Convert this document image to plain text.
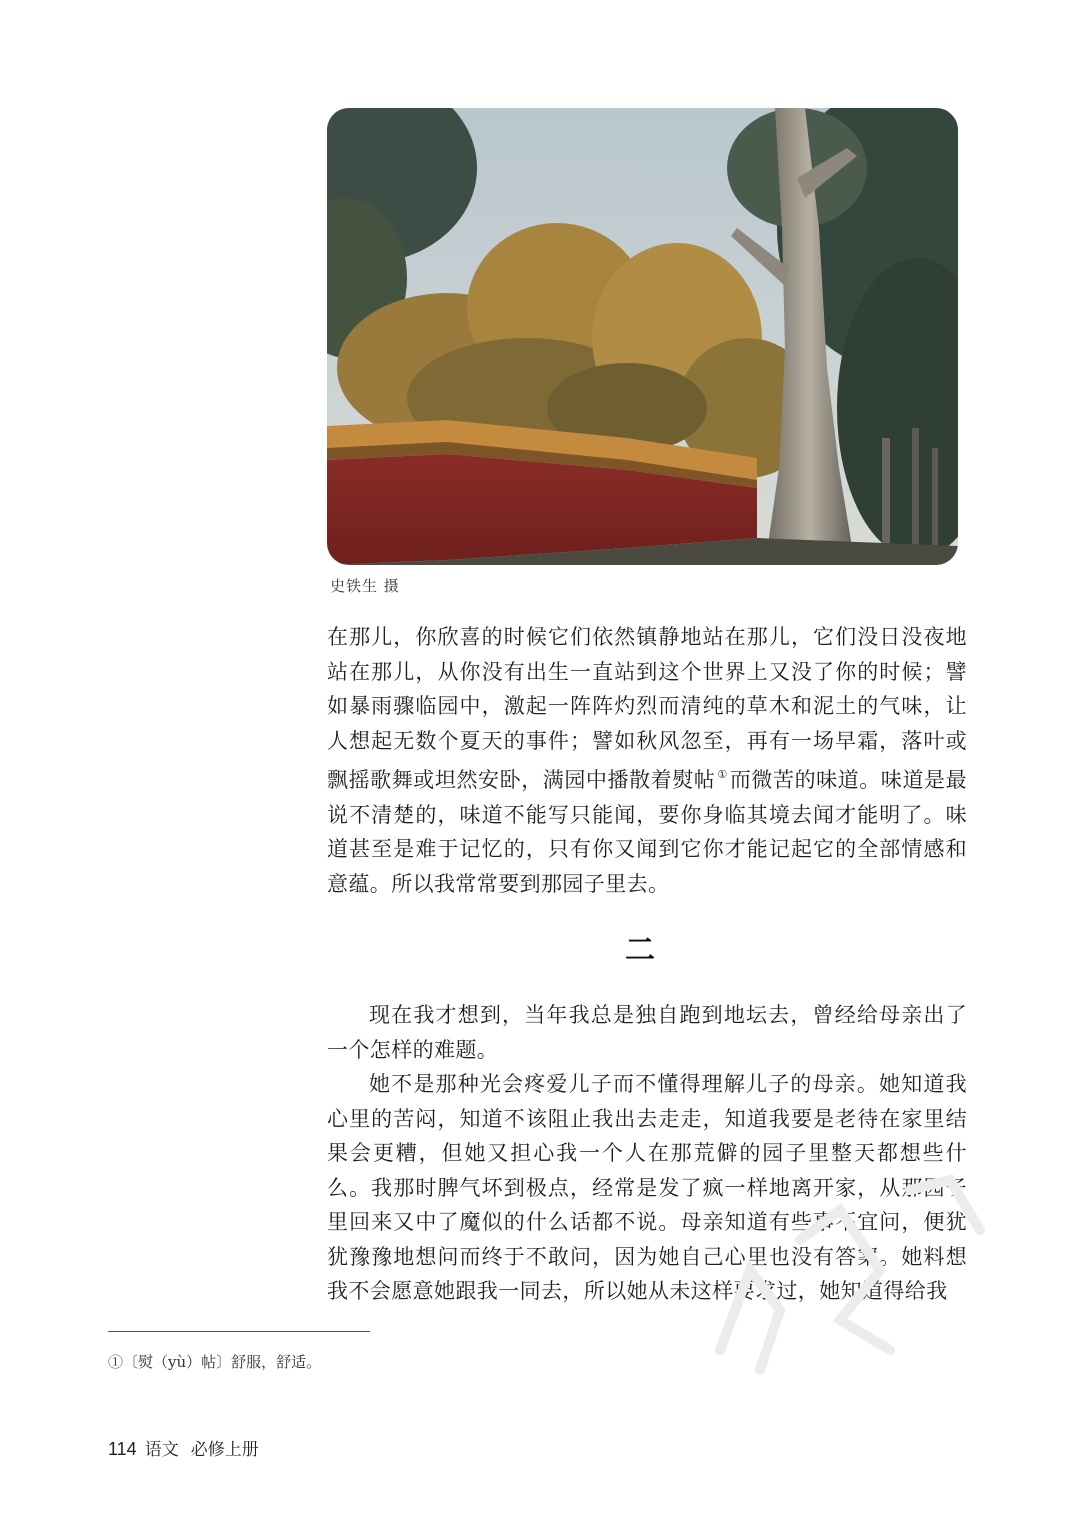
史铁生 摄

在那儿，你欣喜的时候它们依然镇静地站在那儿，它们没日没夜地站在那儿，从你没有出生一直站到这个世界上又没了你的时候；譬如暴雨骤临园中，激起一阵阵灼烈而清纯的草木和泥土的气味，让人想起无数个夏天的事件；譬如秋风忽至，再有一场早霜，落叶或飘摇歌舞或坦然安卧，满园中播散着熨帖 ①而微苦的味道。味道是最说不清楚的，味道不能写只能闻，要你身临其境去闻才能明了。味道甚至是难于记忆的，只有你又闻到它你才能记起它的全部情感和意蕴。所以我常常要到那园子里去。

二

现在我才想到，当年我总是独自跑到地坛去，曾经给母亲出了一个怎样的难题。

她不是那种光会疼爱儿子而不懂得理解儿子的母亲。她知道我心里的苦闷，知道不该阻止我出去走走，知道我要是老待在家里结果会更糟，但她又担心我一个人在那荒僻的园子里整天都想些什么。我那时脾气坏到极点，经常是发了疯一样地离开家，从那园子里回来又中了魔似的什么话都不说。母亲知道有些事不宜问，便犹犹豫豫地想问而终于不敢问，因为她自己心里也没有答案。她料想我不会愿意她跟我一同去，所以她从未这样要求过，她知道得给我

①〔熨（yù）帖〕舒服，舒适。
114 语文 必修上册
